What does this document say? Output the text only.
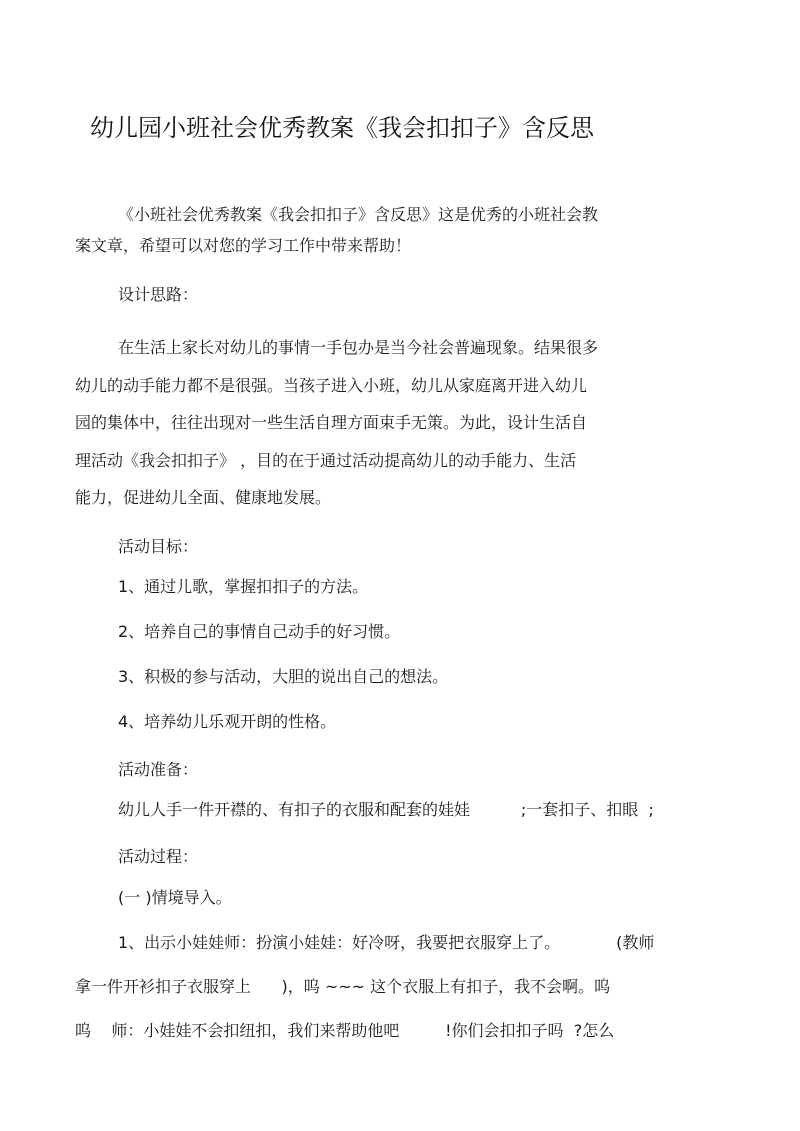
幼儿园小班社会优秀教案《我会扣扣子》含反思
《小班社会优秀教案《我会扣扣子》含反思》这是优秀的小班社会教
案文章，希望可以对您的学习工作中带来帮助！
设计思路：
在生活上家长对幼儿的事情一手包办是当今社会普遍现象。结果很多
幼儿的动手能力都不是很强。当孩子进入小班，幼儿从家庭离开进入幼儿
园的集体中，往往出现对一些生活自理方面束手无策。为此，设计生活自
理活动《我会扣扣子》 ，目的在于通过活动提高幼儿的动手能力、生活
能力，促进幼儿全面、健康地发展。
活动目标：
1、通过儿歌，掌握扣扣子的方法。
2、培养自己的事情自己动手的好习惯。
3、积极的参与活动，大胆的说出自己的想法。
4、培养幼儿乐观开朗的性格。
活动准备：
幼儿人手一件开襟的、有扣子的衣服和配套的娃娃          ;一套扣子、扣眼  ;
活动过程：
(一 )情境导入。
1、出示小娃娃师：扮演小娃娃：好冷呀，我要把衣服穿上了。           (教师
拿一件开衫扣子衣服穿上      )，呜 ~~~ 这个衣服上有扣子，我不会啊。呜
呜    师：小娃娃不会扣纽扣，我们来帮助他吧         !你们会扣扣子吗  ?怎么
